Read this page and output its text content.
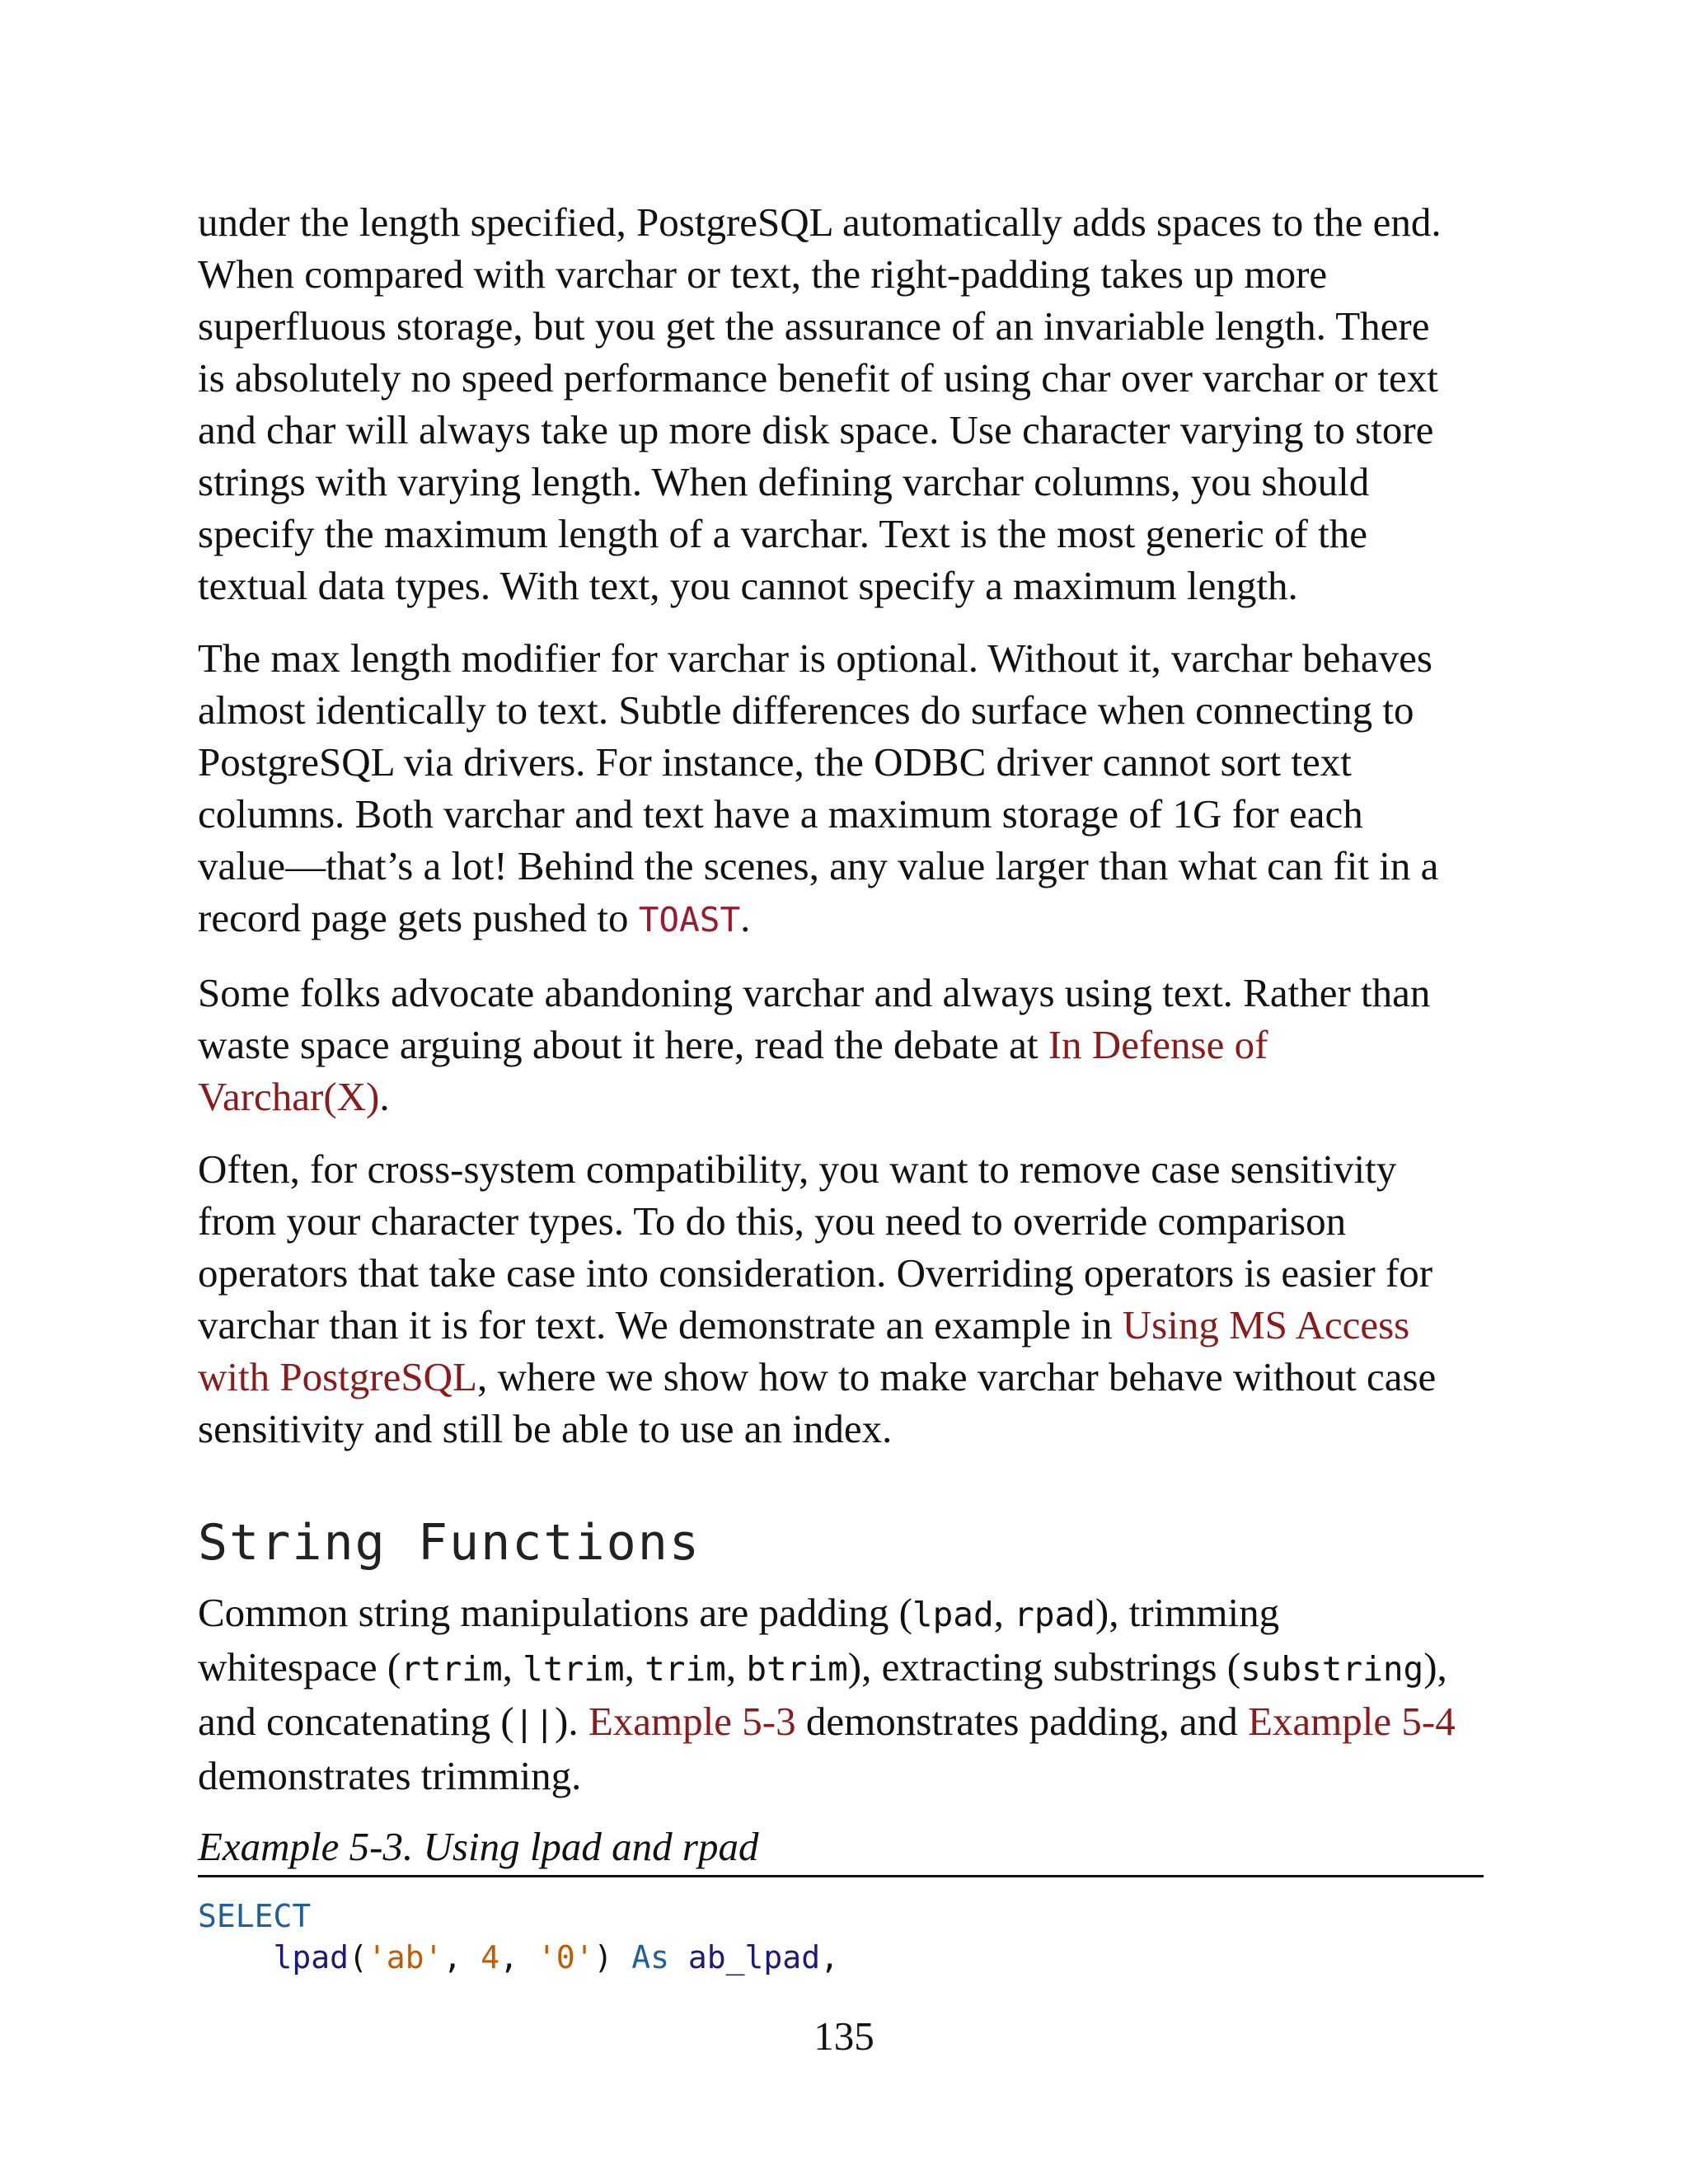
under the length specified, PostgreSQL automatically adds spaces to the end.
When compared with varchar or text, the right-padding takes up more
superfluous storage, but you get the assurance of an invariable length. There
is absolutely no speed performance benefit of using char over varchar or text
and char will always take up more disk space. Use character varying to store
strings with varying length. When defining varchar columns, you should
specify the maximum length of a varchar. Text is the most generic of the
textual data types. With text, you cannot specify a maximum length.

The max length modifier for varchar is optional. Without it, varchar behaves
almost identically to text. Subtle differences do surface when connecting to
PostgreSQL via drivers. For instance, the ODBC driver cannot sort text
columns. Both varchar and text have a maximum storage of 1G for each
value—that’s a lot! Behind the scenes, any value larger than what can fit in a
record page gets pushed to TOAST.

Some folks advocate abandoning varchar and always using text. Rather than
waste space arguing about it here, read the debate at In Defense of
Varchar(X).

Often, for cross-system compatibility, you want to remove case sensitivity
from your character types. To do this, you need to override comparison
operators that take case into consideration. Overriding operators is easier for
varchar than it is for text. We demonstrate an example in Using MS Access
with PostgreSQL, where we show how to make varchar behave without case
sensitivity and still be able to use an index.

String Functions

Common string manipulations are padding (lpad, rpad), trimming
whitespace (rtrim, ltrim, trim, btrim), extracting substrings (substring),
and concatenating (||). Example 5-3 demonstrates padding, and Example 5-4
demonstrates trimming.

Example 5-3. Using lpad and rpad
SELECT
lpad('ab', 4, '0') As ab_lpad,
135
